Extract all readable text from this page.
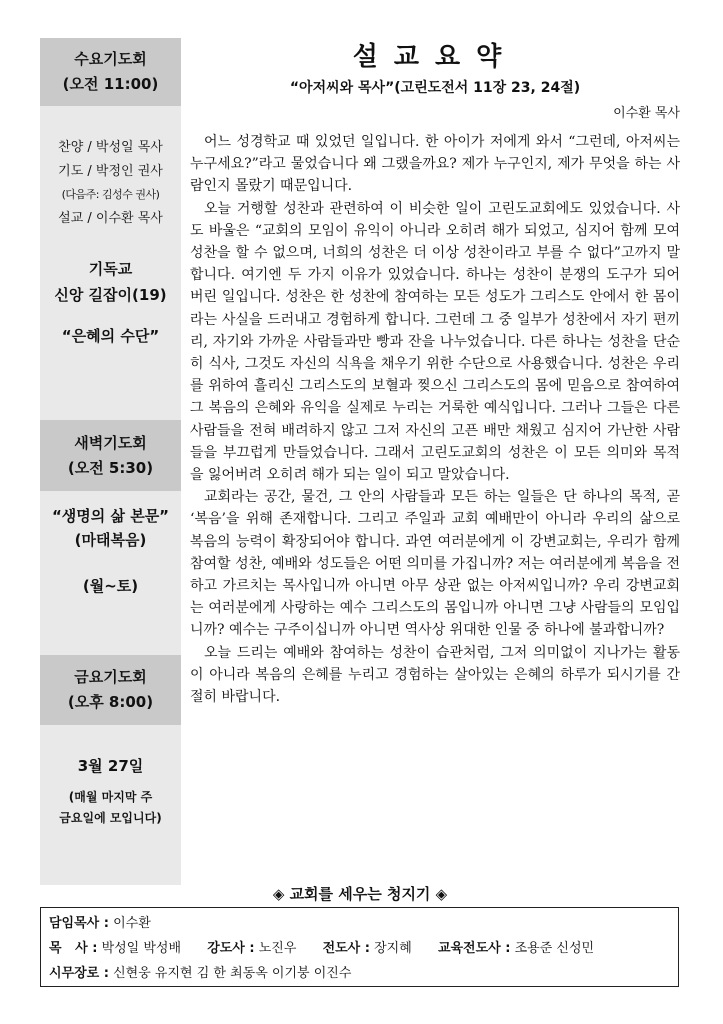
수요기도회
(오전 11:00)
찬양 / 박성일 목사
기도 / 박정인 권사
(다음주: 김성수 권사)
설교 / 이수환 목사
기독교
신앙 길잡이(19)
“은혜의 수단”
새벽기도회
(오전 5:30)
“생명의 삶 본문”
(마태복음)
(월~토)
금요기도회
(오후 8:00)
3월 27일
(매월 마지막 주
금요일에 모입니다)
설교요약
“아저씨와 목사”(고린도전서 11장 23, 24절)
이수환 목사

어느 성경학교 때 있었던 일입니다. 한 아이가 저에게 와서 “그런데, 아저씨는 누구세요?”라고 물었습니다 왜 그랬을까요? 제가 누구인지, 제가 무엇을 하는 사람인지 몰랐기 때문입니다.

오늘 거행할 성찬과 관련하여 이 비슷한 일이 고린도교회에도 있었습니다. 사도 바울은 “교회의 모임이 유익이 아니라 오히려 해가 되었고, 심지어 함께 모여 성찬을 할 수 없으며, 너희의 성찬은 더 이상 성찬이라고 부를 수 없다”고까지 말합니다. 여기엔 두 가지 이유가 있었습니다. 하나는 성찬이 분쟁의 도구가 되어 버린 일입니다. 성찬은 한 성찬에 참여하는 모든 성도가 그리스도 안에서 한 몸이라는 사실을 드러내고 경험하게 합니다. 그런데 그 중 일부가 성찬에서 자기 편끼리, 자기와 가까운 사람들과만 빵과 잔을 나누었습니다. 다른 하나는 성찬을 단순히 식사, 그것도 자신의 식욕을 채우기 위한 수단으로 사용했습니다. 성찬은 우리를 위하여 흘리신 그리스도의 보혈과 찢으신 그리스도의 몸에 믿음으로 참여하여 그 복음의 은혜와 유익을 실제로 누리는 거룩한 예식입니다. 그러나 그들은 다른 사람들을 전혀 배려하지 않고 그저 자신의 고픈 배만 채웠고 심지어 가난한 사람들을 부끄럽게 만들었습니다. 그래서 고린도교회의 성찬은 이 모든 의미와 목적을 잃어버려 오히려 해가 되는 일이 되고 말았습니다.

교회라는 공간, 물건, 그 안의 사람들과 모든 하는 일들은 단 하나의 목적, 곧 ‘복음’을 위해 존재합니다. 그리고 주일과 교회 예배만이 아니라 우리의 삶으로 복음의 능력이 확장되어야 합니다. 과연 여러분에게 이 강변교회는, 우리가 함께 참여할 성찬, 예배와 성도들은 어떤 의미를 가집니까? 저는 여러분에게 복음을 전하고 가르치는 목사입니까 아니면 아무 상관 없는 아저씨입니까? 우리 강변교회는 여러분에게 사랑하는 예수 그리스도의 몸입니까 아니면 그냥 사람들의 모임입니까? 예수는 구주이십니까 아니면 역사상 위대한 인물 중 하나에 불과합니까?

오늘 드리는 예배와 참여하는 성찬이 습관처럼, 그저 의미없이 지나가는 활동이 아니라 복음의 은혜를 누리고 경험하는 살아있는 은혜의 하루가 되시기를 간절히 바랍니다.

◈ 교회를 세우는 청지기 ◈
담임목사 : 이수환
목   사 : 박성일 박성배 강도사 : 노진우 전도사 : 장지혜 교육전도사 : 조용준 신성민
시무장로 : 신현웅 유지현 김 한 최동옥 이기붕 이진수
